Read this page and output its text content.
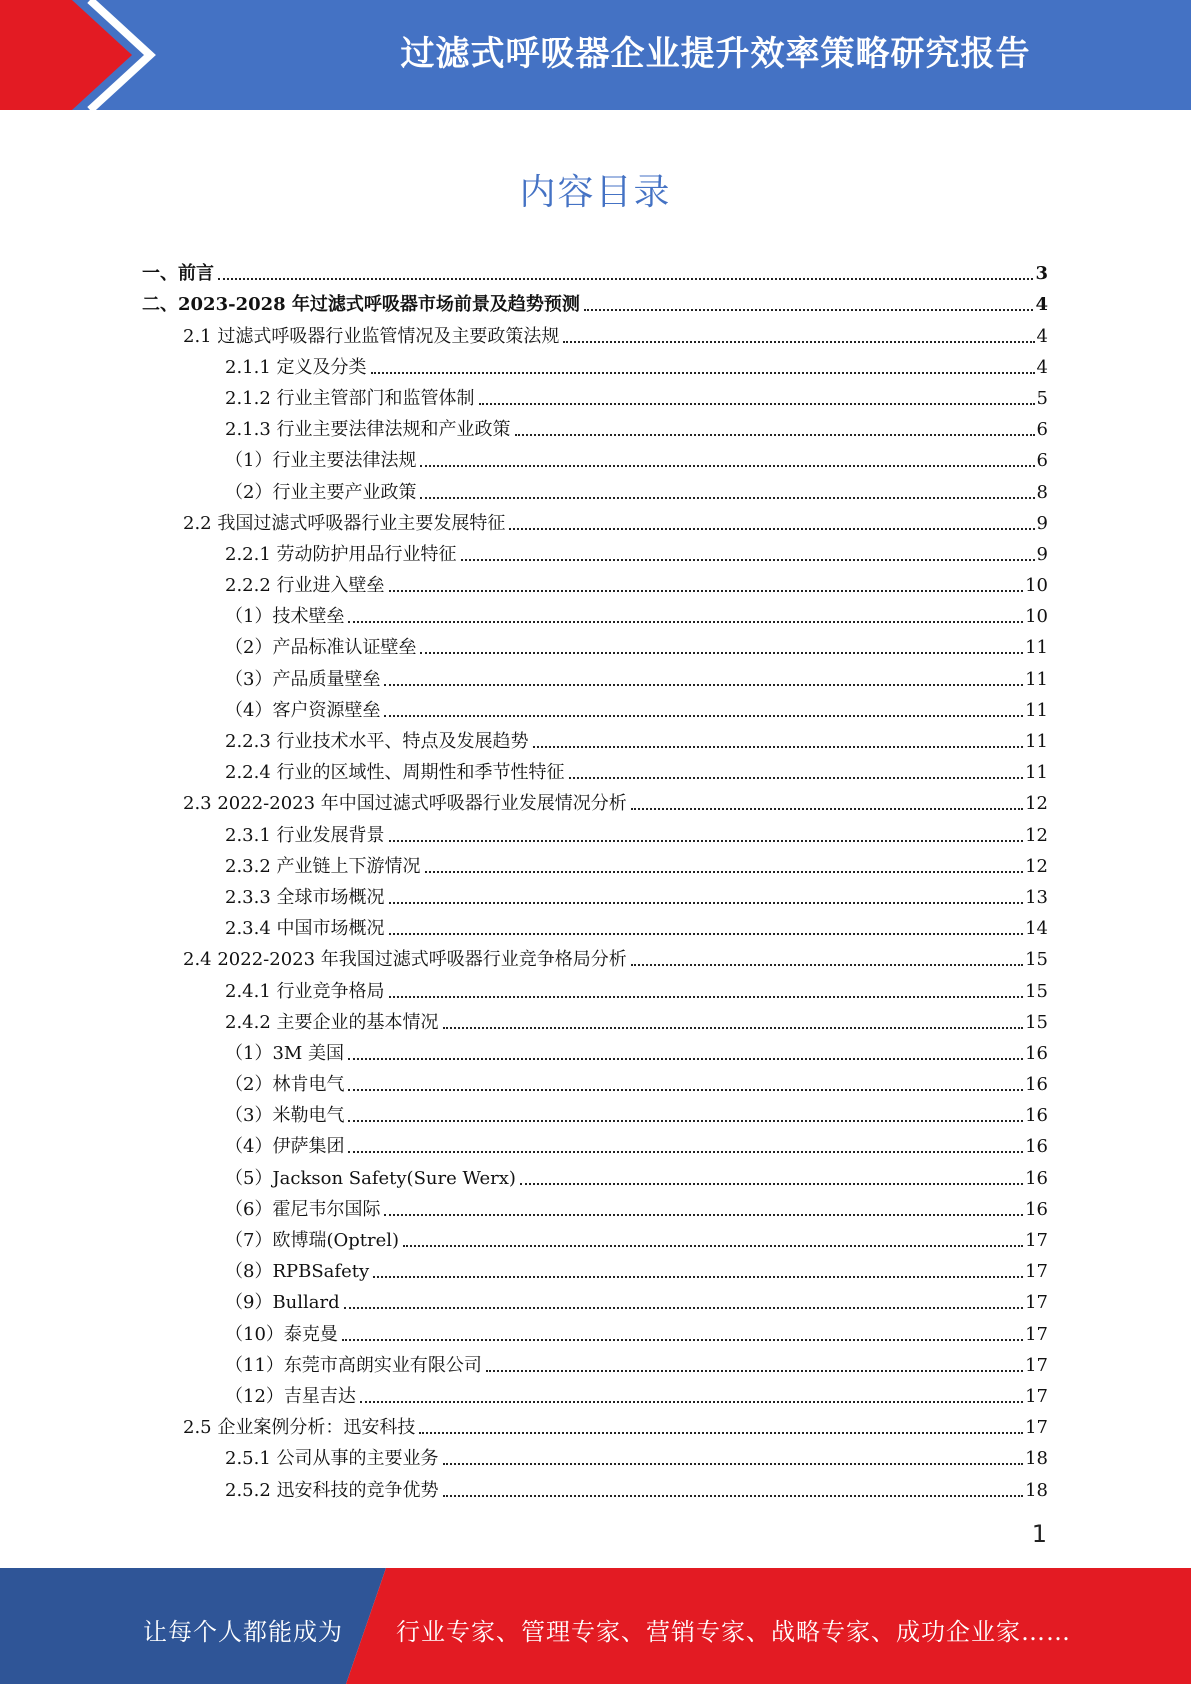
过滤式呼吸器企业提升效率策略研究报告
内容目录
一、前言	3
二、2023-2028 年过滤式呼吸器市场前景及趋势预测	4
2.1 过滤式呼吸器行业监管情况及主要政策法规	4
2.1.1 定义及分类	4
2.1.2 行业主管部门和监管体制	5
2.1.3 行业主要法律法规和产业政策	6
（1）行业主要法律法规	6
（2）行业主要产业政策	8
2.2 我国过滤式呼吸器行业主要发展特征	9
2.2.1 劳动防护用品行业特征	9
2.2.2 行业进入壁垒	10
（1）技术壁垒	10
（2）产品标准认证壁垒	11
（3）产品质量壁垒	11
（4）客户资源壁垒	11
2.2.3 行业技术水平、特点及发展趋势	11
2.2.4 行业的区域性、周期性和季节性特征	11
2.3 2022-2023 年中国过滤式呼吸器行业发展情况分析	12
2.3.1 行业发展背景	12
2.3.2 产业链上下游情况	12
2.3.3 全球市场概况	13
2.3.4 中国市场概况	14
2.4 2022-2023 年我国过滤式呼吸器行业竞争格局分析	15
2.4.1 行业竞争格局	15
2.4.2 主要企业的基本情况	15
（1）3M 美国	16
（2）林肯电气	16
（3）米勒电气	16
（4）伊萨集团	16
（5）Jackson Safety(Sure Werx)	16
（6）霍尼韦尔国际	16
（7）欧博瑞(Optrel)	17
（8）RPBSafety	17
（9）Bullard	17
（10）泰克曼	17
（11）东莞市高朗实业有限公司	17
（12）吉星吉达	17
2.5 企业案例分析：迅安科技	17
2.5.1 公司从事的主要业务	18
2.5.2 迅安科技的竞争优势	18
1
让每个人都能成为 行业专家、管理专家、营销专家、战略专家、成功企业家……
